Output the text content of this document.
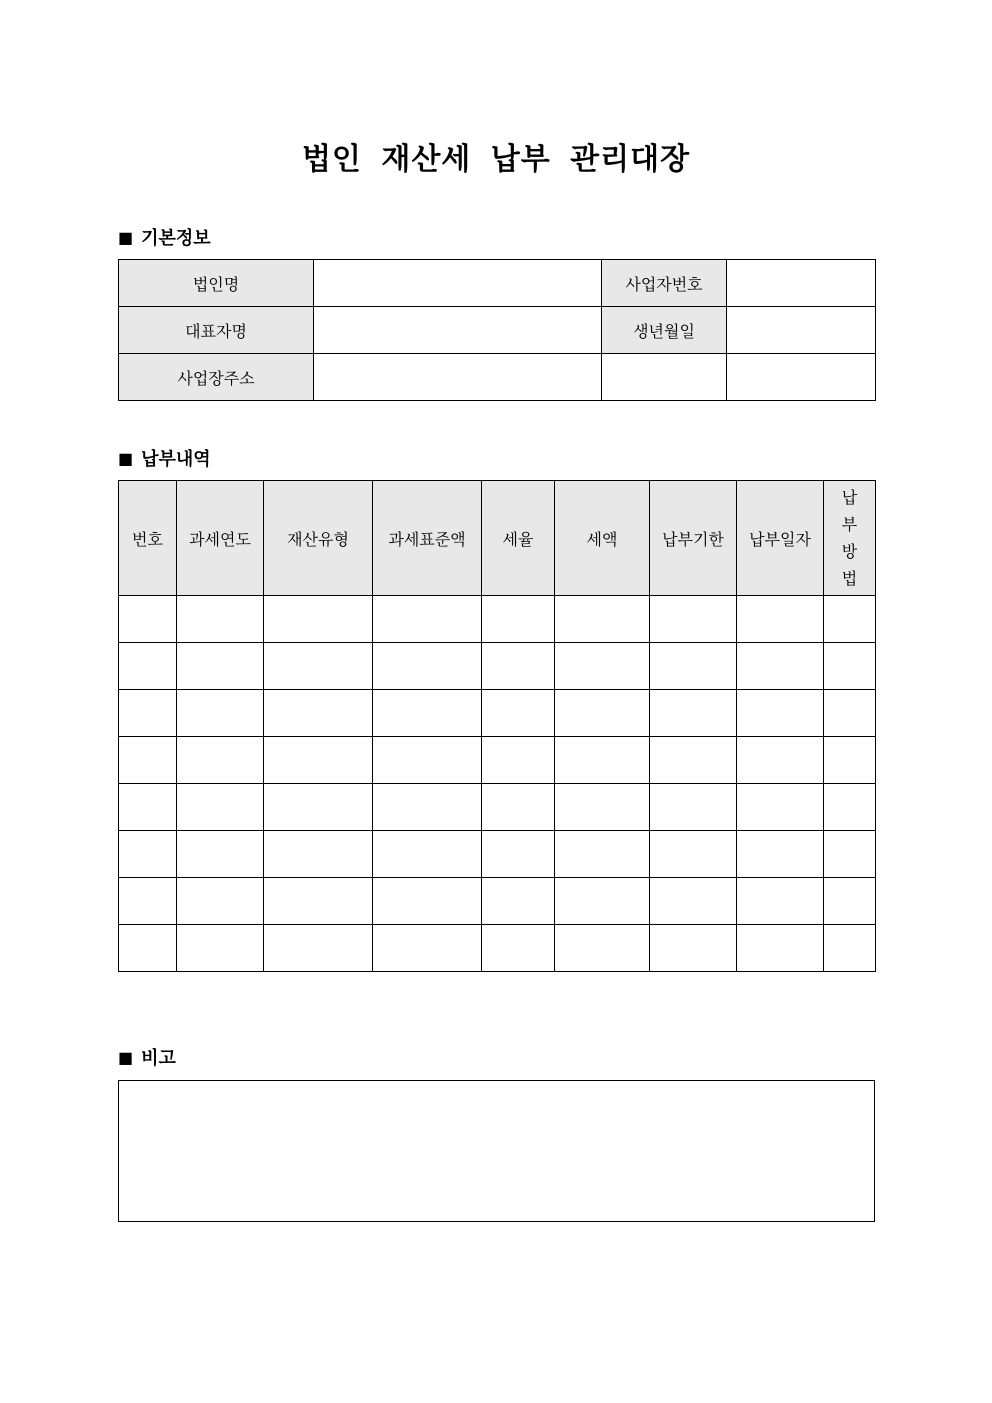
법인 재산세 납부 관리대장
■ 기본정보
법인명		사업자번호	
대표자명		생년월일	
사업장주소			
■ 납부내역
번호	과세연도	재산유형	과세표준액	세율	세액	납부기한	납부일자	납부방법

■ 비고
